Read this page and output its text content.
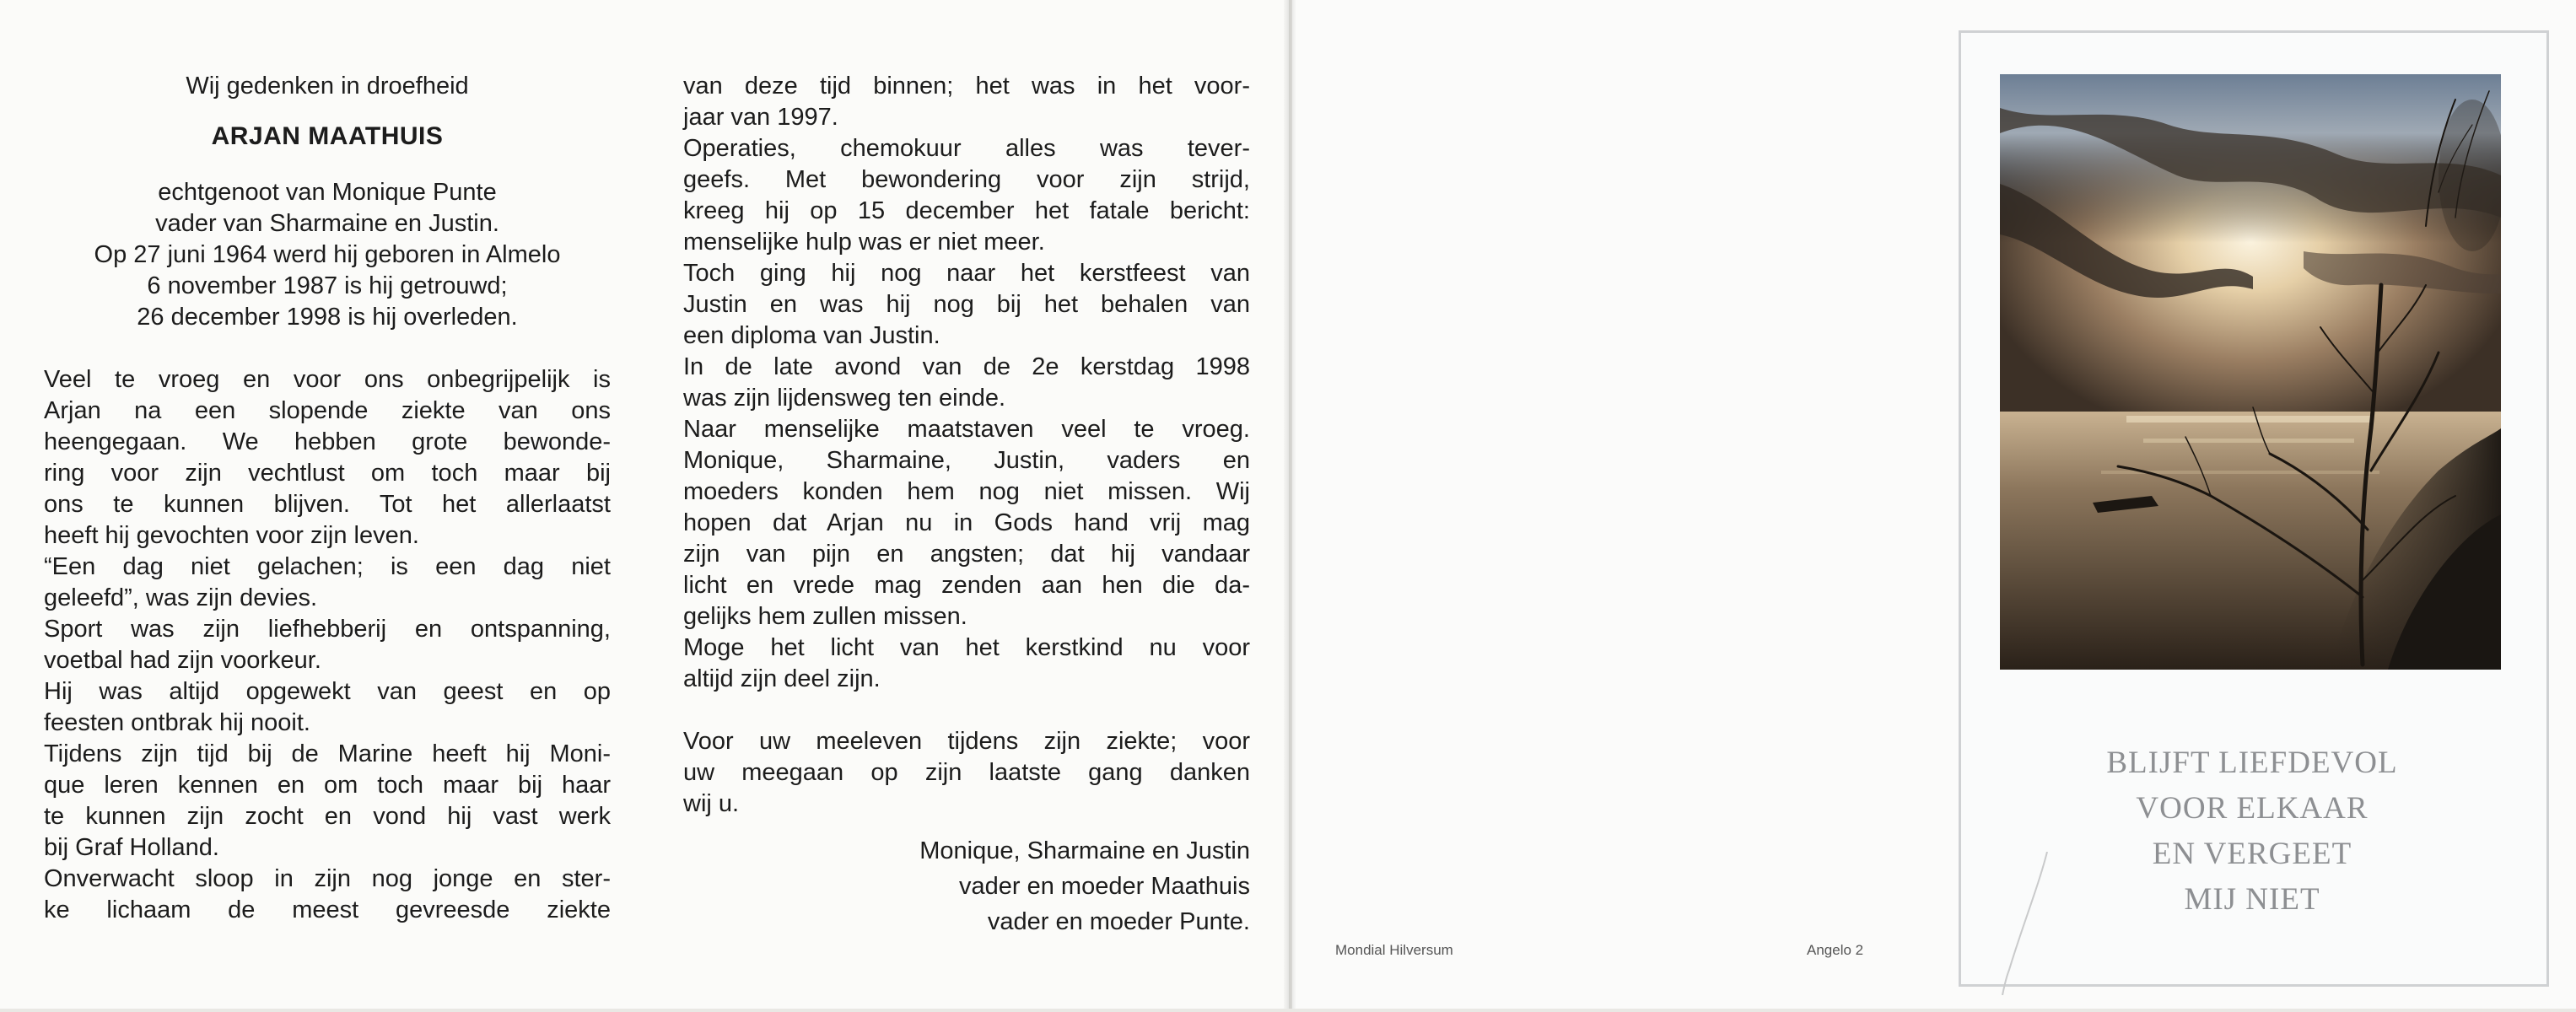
Wij gedenken in droefheid
ARJAN MAATHUIS
echtgenoot van Monique Punte
vader van Sharmaine en Justin.
Op 27 juni 1964 werd hij geboren in Almelo
6 november 1987 is hij getrouwd;
26 december 1998 is hij overleden.
Veel te vroeg en voor ons onbegrijpelijk is
Arjan na een slopende ziekte van ons
heengegaan. We hebben grote bewonde-
ring voor zijn vechtlust om toch maar bij
ons te kunnen blijven. Tot het allerlaatst
heeft hij gevochten voor zijn leven.
“Een dag niet gelachen; is een dag niet
geleefd”, was zijn devies.
Sport was zijn liefhebberij en ontspanning,
voetbal had zijn voorkeur.
Hij was altijd opgewekt van geest en op
feesten ontbrak hij nooit.
Tijdens zijn tijd bij de Marine heeft hij Moni-
que leren kennen en om toch maar bij haar
te kunnen zijn zocht en vond hij vast werk
bij Graf Holland.
Onverwacht sloop in zijn nog jonge en ster-
ke lichaam de meest gevreesde ziekte
van deze tijd binnen; het was in het voor-
jaar van 1997.
Operaties, chemokuur alles was tever-
geefs. Met bewondering voor zijn strijd,
kreeg hij op 15 december het fatale bericht:
menselijke hulp was er niet meer.
Toch ging hij nog naar het kerstfeest van
Justin en was hij nog bij het behalen van
een diploma van Justin.
In de late avond van de 2e kerstdag 1998
was zijn lijdensweg ten einde.
Naar menselijke maatstaven veel te vroeg.
Monique, Sharmaine, Justin, vaders en
moeders konden hem nog niet missen. Wij
hopen dat Arjan nu in Gods hand vrij mag
zijn van pijn en angsten; dat hij vandaar
licht en vrede mag zenden aan hen die da-
gelijks hem zullen missen.
Moge het licht van het kerstkind nu voor
altijd zijn deel zijn.
Voor uw meeleven tijdens zijn ziekte; voor
uw meegaan op zijn laatste gang danken
wij u.
Monique, Sharmaine en Justin
vader en moeder Maathuis
vader en moeder Punte.
Mondial Hilversum	Angelo 2
BLIJFT LIEFDEVOL
VOOR ELKAAR
EN VERGEET
MIJ NIET
